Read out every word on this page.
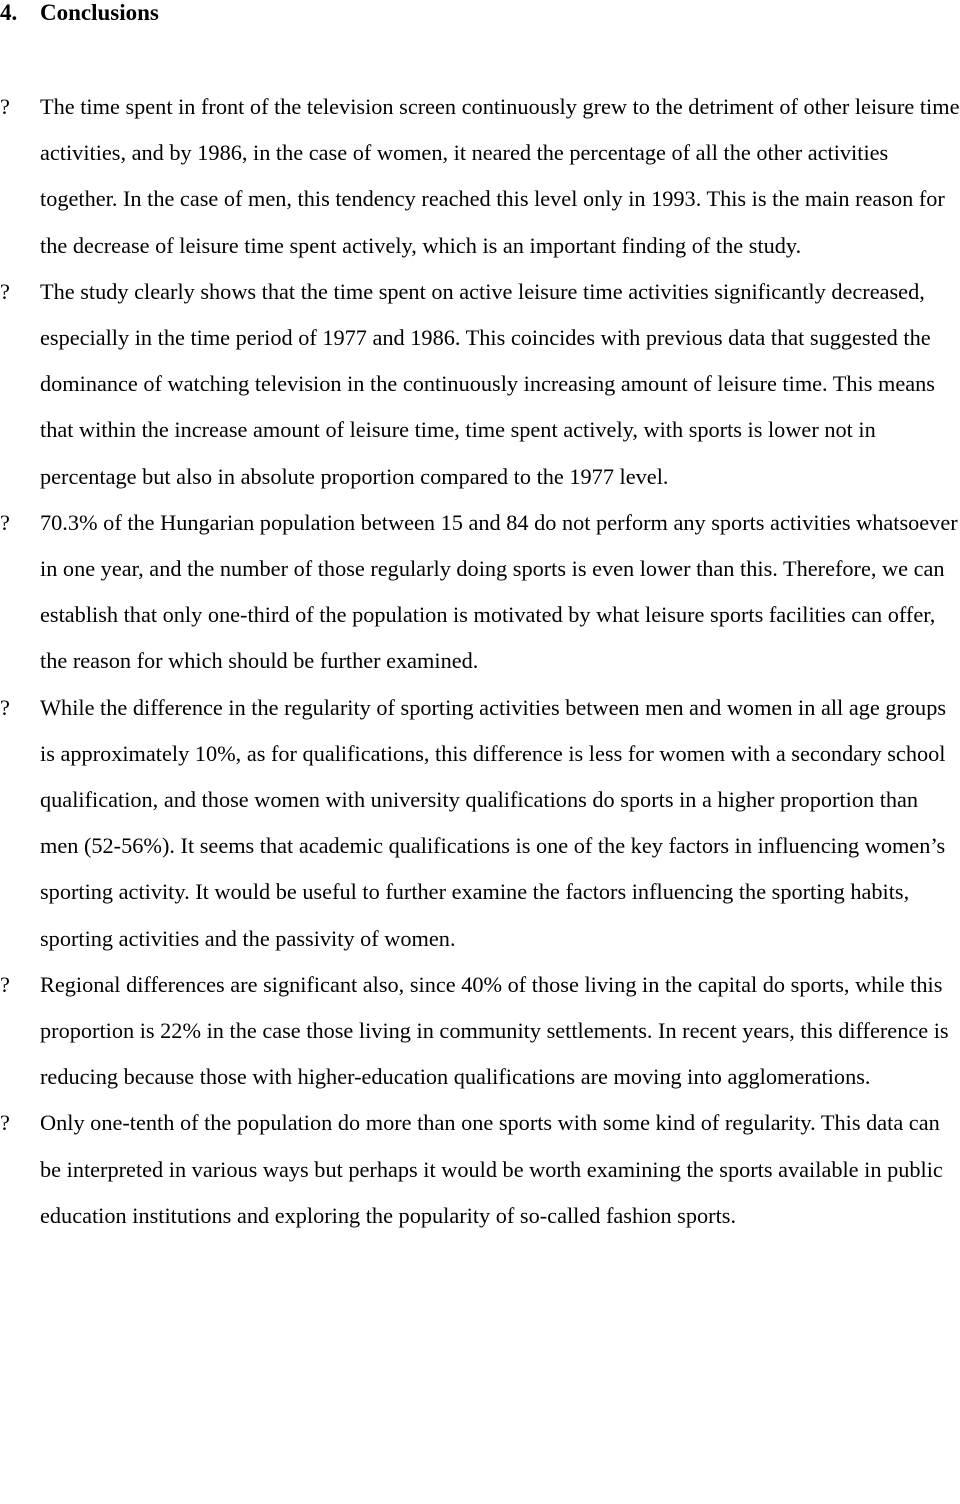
4. Conclusions
?	The time spent in front of the television screen continuously grew to the detriment of other leisure time activities, and by 1986, in the case of women, it neared the percentage of all the other activities together. In the case of men, this tendency reached this level only in 1993. This is the main reason for the decrease of leisure time spent actively, which is an important finding of the study.
?	The study clearly shows that the time spent on active leisure time activities significantly decreased, especially in the time period of 1977 and 1986. This coincides with previous data that suggested the dominance of watching television in the continuously increasing amount of leisure time. This means that within the increase amount of leisure time, time spent actively, with sports is lower not in percentage but also in absolute proportion compared to the 1977 level.
?	70.3% of the Hungarian population between 15 and 84 do not perform any sports activities whatsoever in one year, and the number of those regularly doing sports is even lower than this. Therefore, we can establish that only one-third of the population is motivated by what leisure sports facilities can offer, the reason for which should be further examined.
?	While the difference in the regularity of sporting activities between men and women in all age groups is approximately 10%, as for qualifications, this difference is less for women with a secondary school qualification, and those women with university qualifications do sports in a higher proportion than men (52-56%). It seems that academic qualifications is one of the key factors in influencing women’s sporting activity. It would be useful to further examine the factors influencing the sporting habits, sporting activities and the passivity of women.
?	Regional differences are significant also, since 40% of those living in the capital do sports, while this proportion is 22% in the case those living in community settlements. In recent years, this difference is reducing because those with higher-education qualifications are moving into agglomerations.
?	Only one-tenth of the population do more than one sports with some kind of regularity. This data can be interpreted in various ways but perhaps it would be worth examining the sports available in public education institutions and exploring the popularity of so-called fashion sports.
